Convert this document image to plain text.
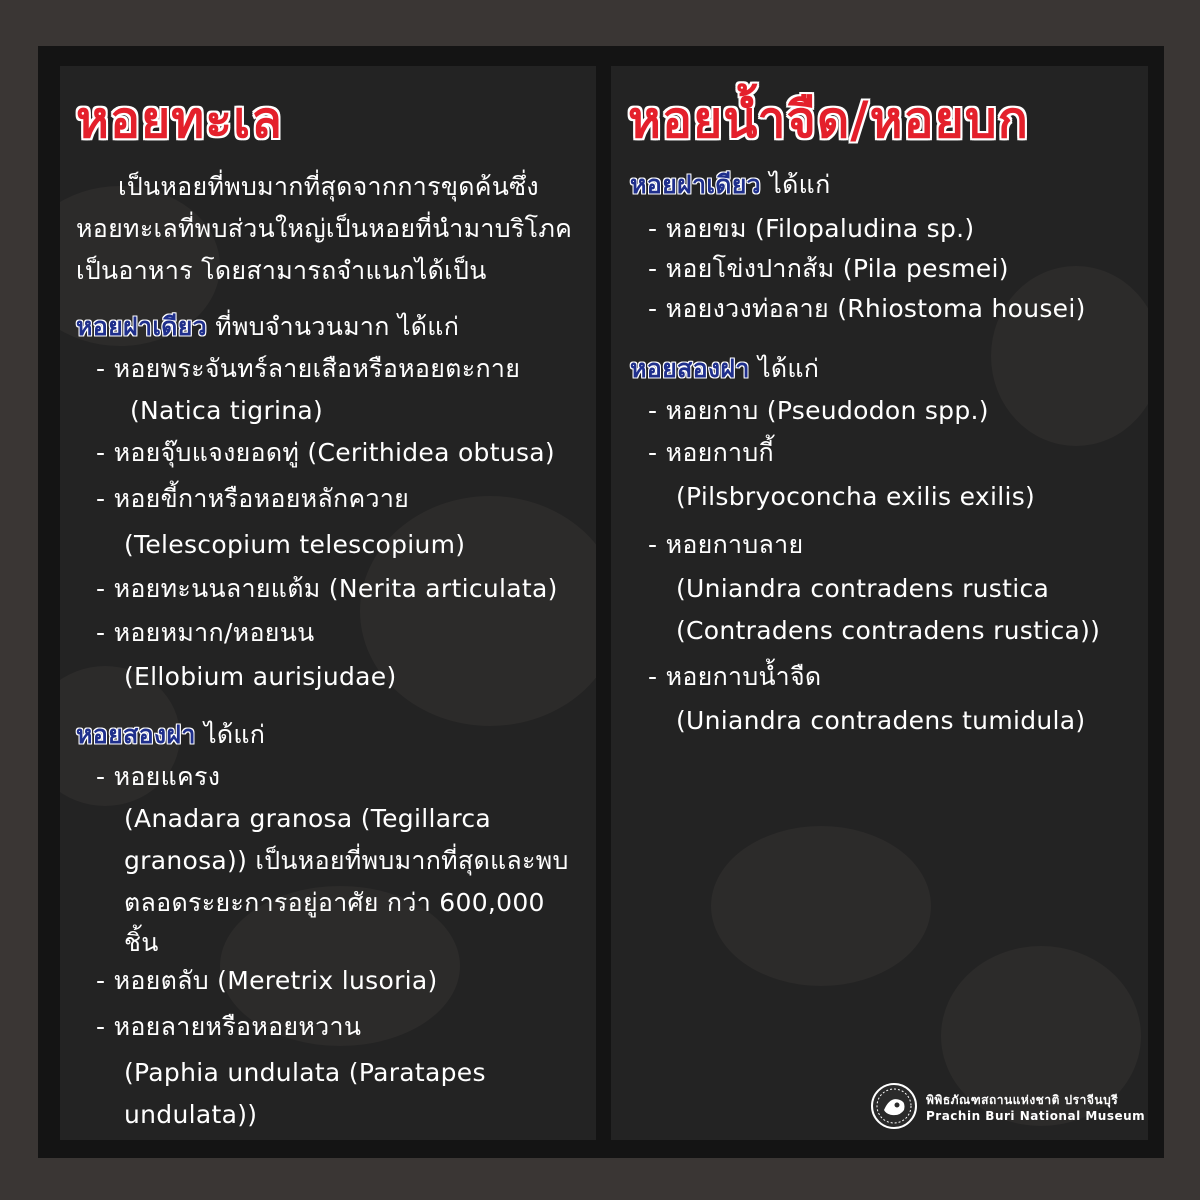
หอยทะเล

เป็นหอยที่พบมากที่สุดจากการขุดค้นซึ่ง

หอยทะเลที่พบส่วนใหญ่เป็นหอยที่นำมาบริโภค

เป็นอาหาร โดยสามารถจำแนกได้เป็น

หอยฝาเดียว ที่พบจำนวนมาก ได้แก่

- หอยพระจันทร์ลายเสือหรือหอยตะกาย

(Natica tigrina)

- หอยจุ๊บแจงยอดทู่ (Cerithidea obtusa)

- หอยขี้กาหรือหอยหลักควาย

(Telescopium telescopium)

- หอยทะนนลายแต้ม (Nerita articulata)

- หอยหมาก/หอยนน

(Ellobium aurisjudae)

หอยสองฝา ได้แก่

- หอยแครง

(Anadara granosa (Tegillarca

granosa)) เป็นหอยที่พบมากที่สุดและพบ

ตลอดระยะการอยู่อาศัย กว่า 600,000

ชิ้น

- หอยตลับ (Meretrix lusoria)

- หอยลายหรือหอยหวาน

(Paphia undulata (Paratapes

undulata))

หอยน้ำจืด/หอยบก

หอยฝาเดียว ได้แก่

- หอยขม (Filopaludina sp.)

- หอยโข่งปากส้ม (Pila pesmei)

- หอยงวงท่อลาย (Rhiostoma housei)

หอยสองฝา ได้แก่

- หอยกาบ (Pseudodon spp.)

- หอยกาบกี้

(Pilsbryoconcha exilis exilis)

- หอยกาบลาย

(Uniandra contradens rustica

(Contradens contradens rustica))

- หอยกาบน้ำจืด

(Uniandra contradens tumidula)

พิพิธภัณฑสถานแห่งชาติ ปราจีนบุรี

Prachin Buri National Museum
